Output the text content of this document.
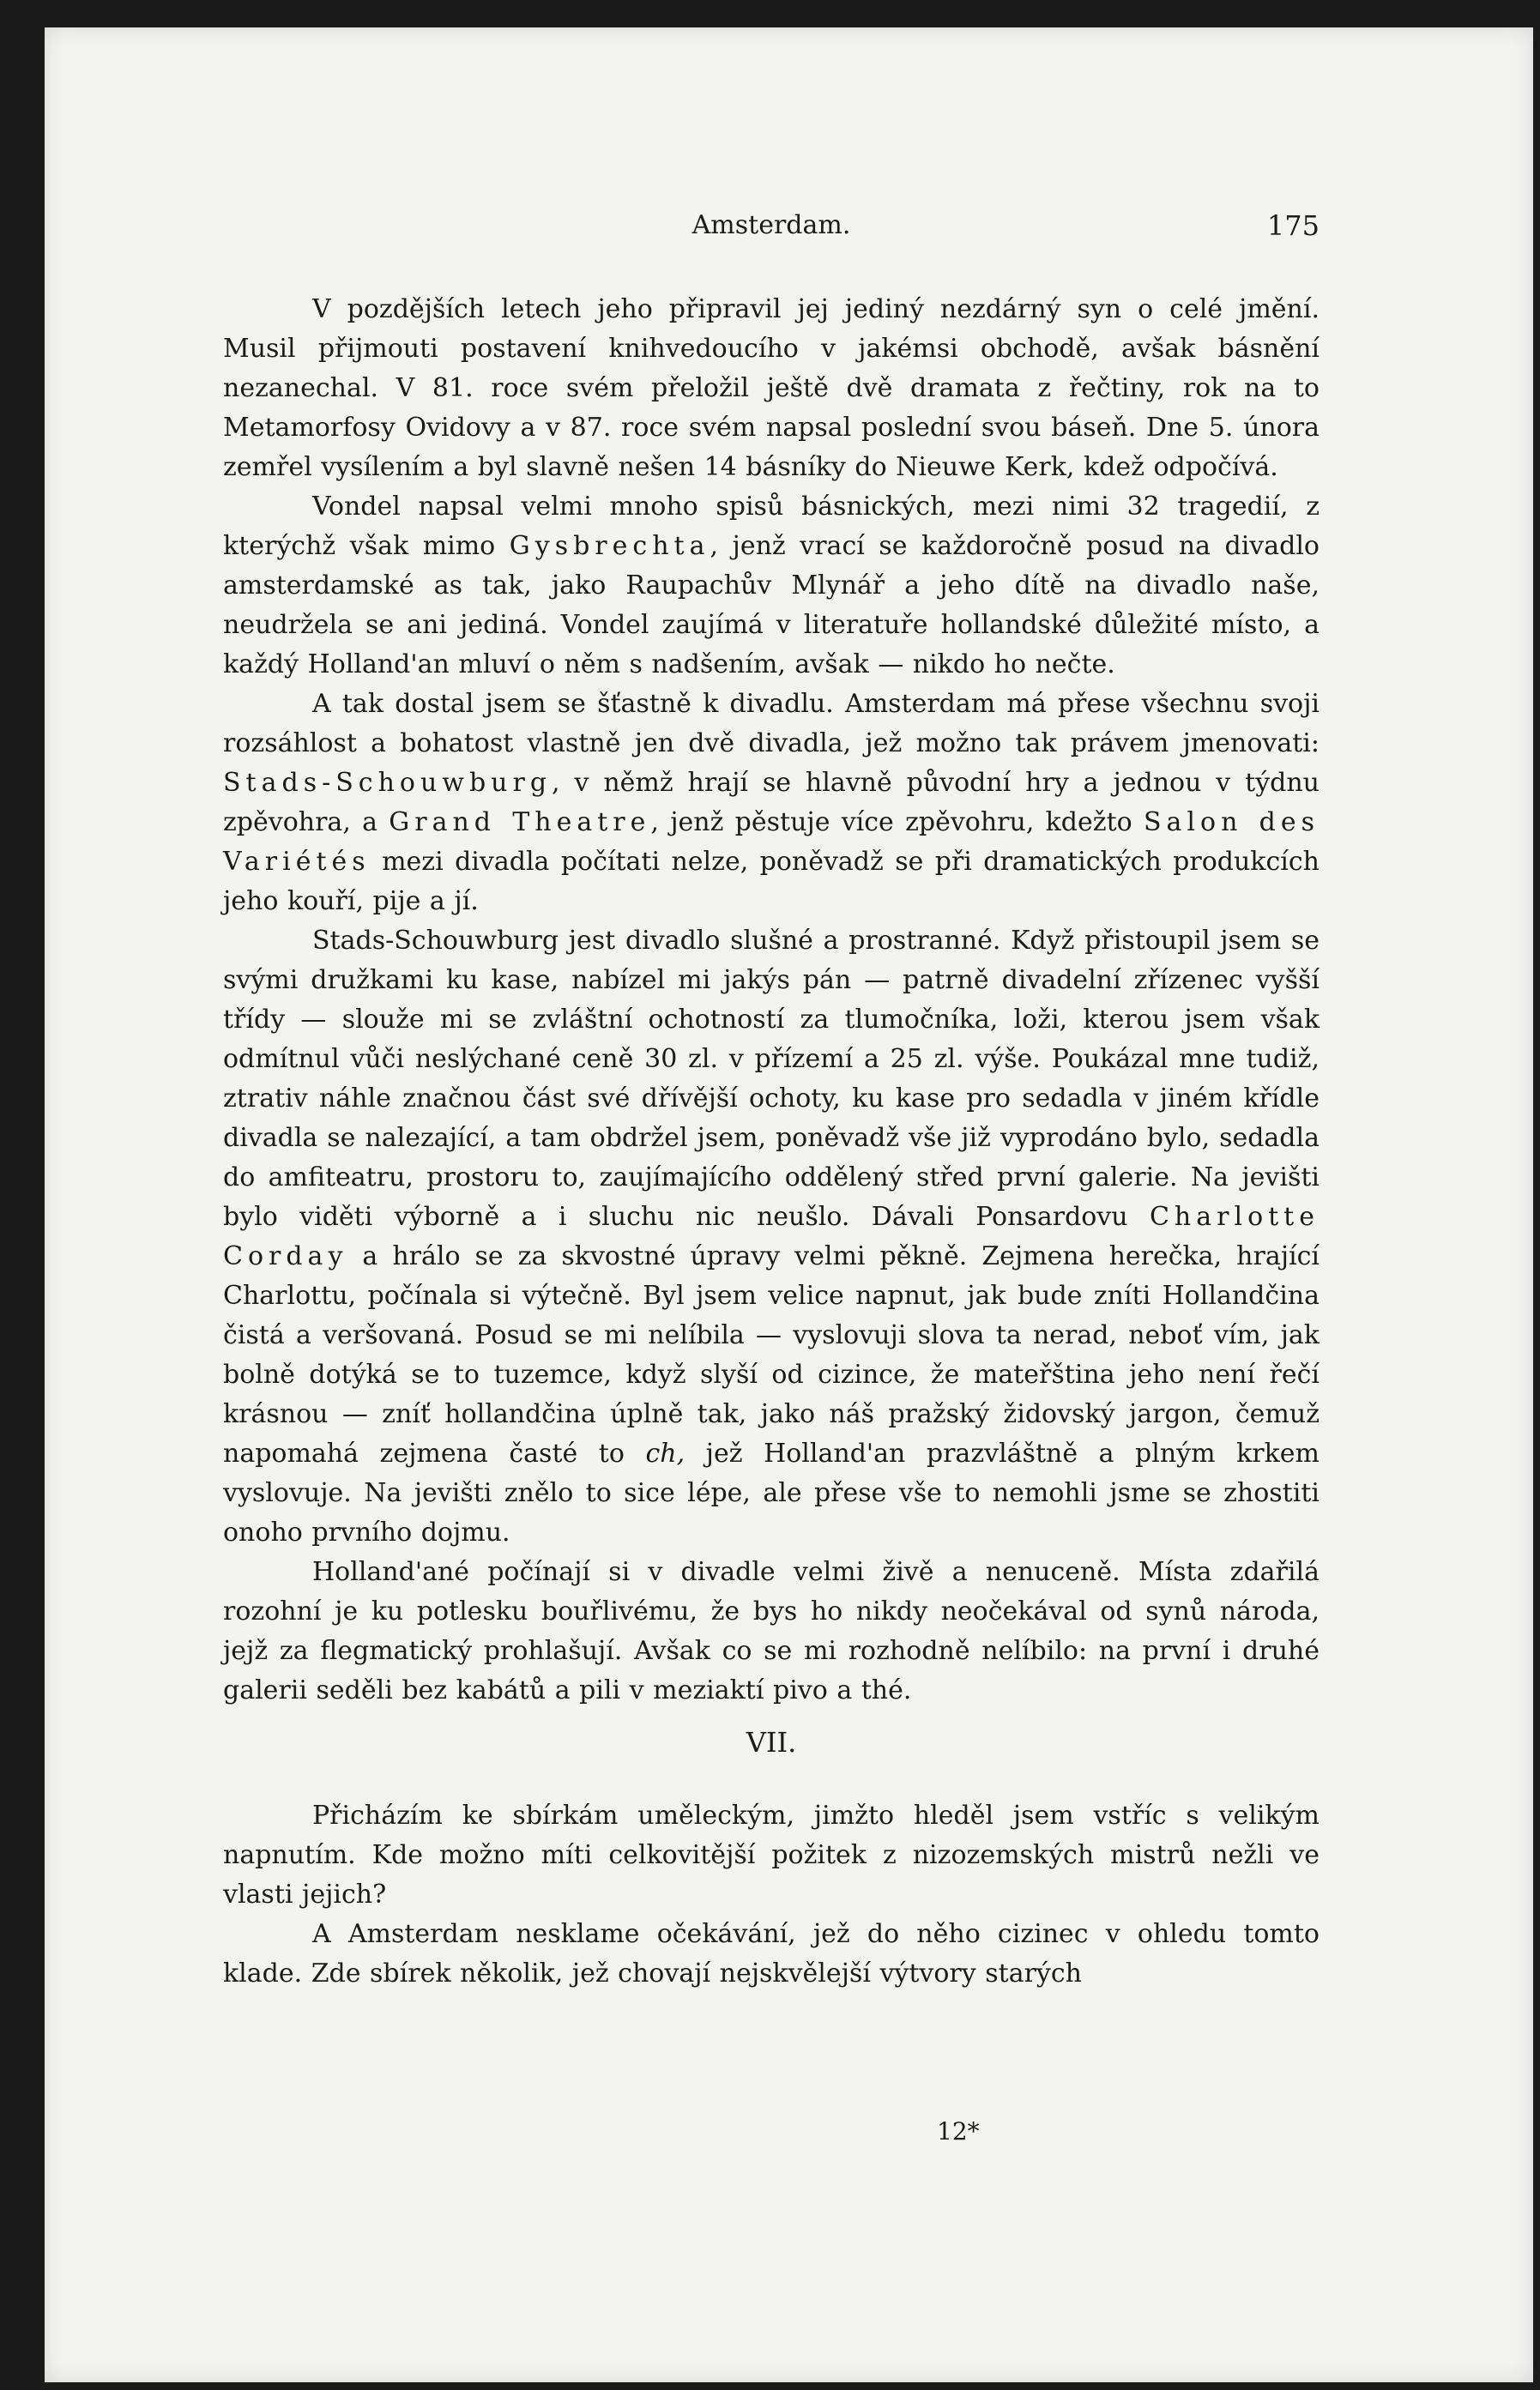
Amsterdam.	175

V pozdějších letech jeho připravil jej jediný nezdárný syn o celé jmění. Musil přijmouti postavení knihvedoucího v jakémsi obchodě, avšak básnění nezanechal. V 81. roce svém přeložil ještě dvě dramata z řečtiny, rok na to Metamorfosy Ovidovy a v 87. roce svém napsal poslední svou báseň. Dne 5. února zemřel vysílením a byl slavně nešen 14 básníky do Nieuwe Kerk, kdež odpočívá.

Vondel napsal velmi mnoho spisů básnických, mezi nimi 32 tragedií, z kterýchž však mimo Gysbrechta, jenž vrací se každoročně posud na divadlo amsterdamské as tak, jako Raupachův Mlynář a jeho dítě na divadlo naše, neudržela se ani jediná. Vondel zaujímá v literatuře hollandské důležité místo, a každý Holland'an mluví o něm s nadšením, avšak — nikdo ho nečte.

A tak dostal jsem se šťastně k divadlu. Amsterdam má přese všechnu svoji rozsáhlost a bohatost vlastně jen dvě divadla, jež možno tak právem jmenovati: Stads-Schouwburg, v němž hrají se hlavně původní hry a jednou v týdnu zpěvohra, a Grand Theatre, jenž pěstuje více zpěvohru, kdežto Salon des Variétés mezi divadla počítati nelze, poněvadž se při dramatických produkcích jeho kouří, pije a jí.

Stads-Schouwburg jest divadlo slušné a prostranné. Když přistoupil jsem se svými družkami ku kase, nabízel mi jakýs pán — patrně divadelní zřízenec vyšší třídy — slouže mi se zvláštní ochotností za tlumočníka, loži, kterou jsem však odmítnul vůči neslýchané ceně 30 zl. v přízemí a 25 zl. výše. Poukázal mne tudiž, ztrativ náhle značnou část své dřívější ochoty, ku kase pro sedadla v jiném křídle divadla se nalezající, a tam obdržel jsem, poněvadž vše již vyprodáno bylo, sedadla do amfiteatru, prostoru to, zaujímajícího oddělený střed první galerie. Na jevišti bylo viděti výborně a i sluchu nic neušlo. Dávali Ponsardovu Charlotte Corday a hrálo se za skvostné úpravy velmi pěkně. Zejmena herečka, hrající Charlottu, počínala si výtečně. Byl jsem velice napnut, jak bude zníti Hollandčina čistá a veršovaná. Posud se mi nelíbila — vyslovuji slova ta nerad, neboť vím, jak bolně dotýká se to tuzemce, když slyší od cizince, že mateřština jeho není řečí krásnou — zníť hollandčina úplně tak, jako náš pražský židovský jargon, čemuž napomahá zejmena časté to ch, jež Holland'an prazvláštně a plným krkem vyslovuje. Na jevišti znělo to sice lépe, ale přese vše to nemohli jsme se zhostiti onoho prvního dojmu.

Holland'ané počínají si v divadle velmi živě a nenuceně. Místa zdařilá rozohní je ku potlesku bouřlivému, že bys ho nikdy neočekával od synů národa, jejž za flegmatický prohlašují. Avšak co se mi rozhodně nelíbilo: na první i druhé galerii seděli bez kabátů a pili v meziaktí pivo a thé.

VII.

Přicházím ke sbírkám uměleckým, jimžto hleděl jsem vstříc s velikým napnutím. Kde možno míti celkovitější požitek z nizozemských mistrů nežli ve vlasti jejich?

A Amsterdam nesklame očekávání, jež do něho cizinec v ohledu tomto klade. Zde sbírek několik, jež chovají nejskvělejší výtvory starých

12*
